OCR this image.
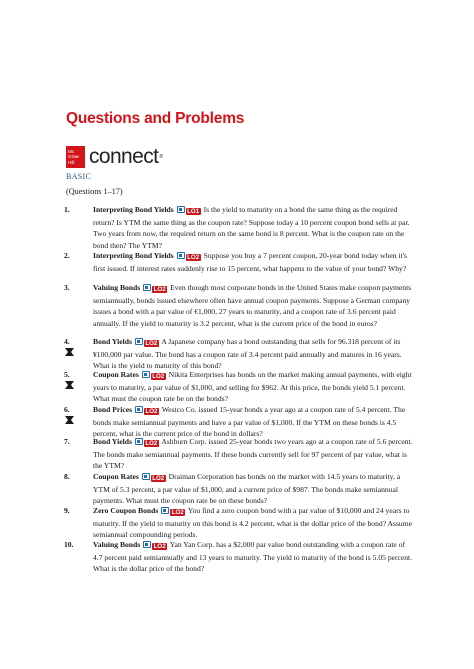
Questions and Problems
Mc
Graw
Hill connect®
BASIC
(Questions 1–17)
1.	Interpreting Bond Yields LO1 Is the yield to maturity on a bond the same thing as the required return? Is YTM the same thing as the coupon rate? Suppose today a 10 percent coupon bond sells at par. Two years from now, the required return on the same bond is 8 percent. What is the coupon rate on the bond then? The YTM?
2.	Interpreting Bond Yields LO2 Suppose you buy a 7 percent coupon, 20-year bond today when it's first issued. If interest rates suddenly rise to 15 percent, what happens to the value of your bond? Why?
3.	Valuing Bonds LO2 Even though most corporate bonds in the United States make coupon payments semiannually, bonds issued elsewhere often have annual coupon payments. Suppose a German company issues a bond with a par value of €1,000, 27 years to maturity, and a coupon rate of 3.6 percent paid annually. If the yield to maturity is 3.2 percent, what is the current price of the bond in euros?
4.	Bond Yields LO2 A Japanese company has a bond outstanding that sells for 96.318 percent of its ¥100,000 par value. The bond has a coupon rate of 3.4 percent paid annually and matures in 16 years. What is the yield to maturity of this bond?
5.	Coupon Rates LO2 Nikita Enterprises has bonds on the market making annual payments, with eight years to maturity, a par value of $1,000, and selling for $962. At this price, the bonds yield 5.1 percent. What must the coupon rate be on the bonds?
6.	Bond Prices LO2 Westco Co. issued 15-year bonds a year ago at a coupon rate of 5.4 percent. The bonds make semiannual payments and have a par value of $1,000. If the YTM on these bonds is 4.5 percent, what is the current price of the bond in dollars?
7.	Bond Yields LO2 Ashburn Corp. issued 25-year bonds two years ago at a coupon rate of 5.6 percent. The bonds make semiannual payments. If these bonds currently sell for 97 percent of par value, what is the YTM?
8.	Coupon Rates LO2 Draiman Corporation has bonds on the market with 14.5 years to maturity, a YTM of 5.3 percent, a par value of $1,000, and a current price of $987. The bonds make semiannual payments. What must the coupon rate be on these bonds?
9.	Zero Coupon Bonds LO2 You find a zero coupon bond with a par value of $10,000 and 24 years to maturity. If the yield to maturity on this bond is 4.2 percent, what is the dollar price of the bond? Assume semiannual compounding periods.
10.	Valuing Bonds LO2 Yan Yan Corp. has a $2,000 par value bond outstanding with a coupon rate of 4.7 percent paid semiannually and 13 years to maturity. The yield to maturity of the bond is 5.05 percent. What is the dollar price of the bond?
